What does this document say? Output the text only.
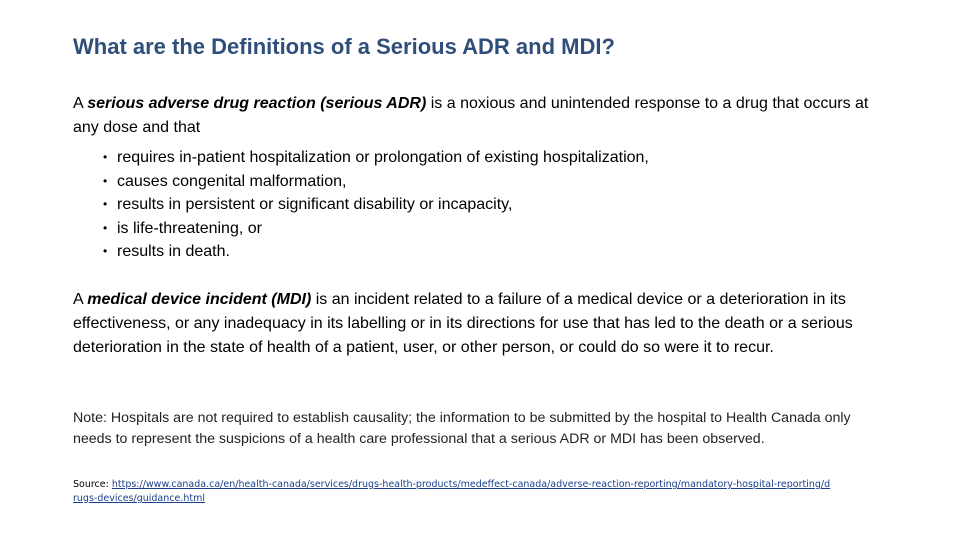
What are the Definitions of a Serious ADR and MDI?

A serious adverse drug reaction (serious ADR) is a noxious and unintended response to a drug that occurs at any dose and that

• requires in-patient hospitalization or prolongation of existing hospitalization,
• causes congenital malformation,
• results in persistent or significant disability or incapacity,
• is life-threatening, or
• results in death.

A medical device incident (MDI) is an incident related to a failure of a medical device or a deterioration in its effectiveness, or any inadequacy in its labelling or in its directions for use that has led to the death or a serious deterioration in the state of health of a patient, user, or other person, or could do so were it to recur.

Note: Hospitals are not required to establish causality; the information to be submitted by the hospital to Health Canada only needs to represent the suspicions of a health care professional that a serious ADR or MDI has been observed.

Source: https://www.canada.ca/en/health-canada/services/drugs-health-products/medeffect-canada/adverse-reaction-reporting/mandatory-hospital-reporting/drugs-devices/guidance.html
